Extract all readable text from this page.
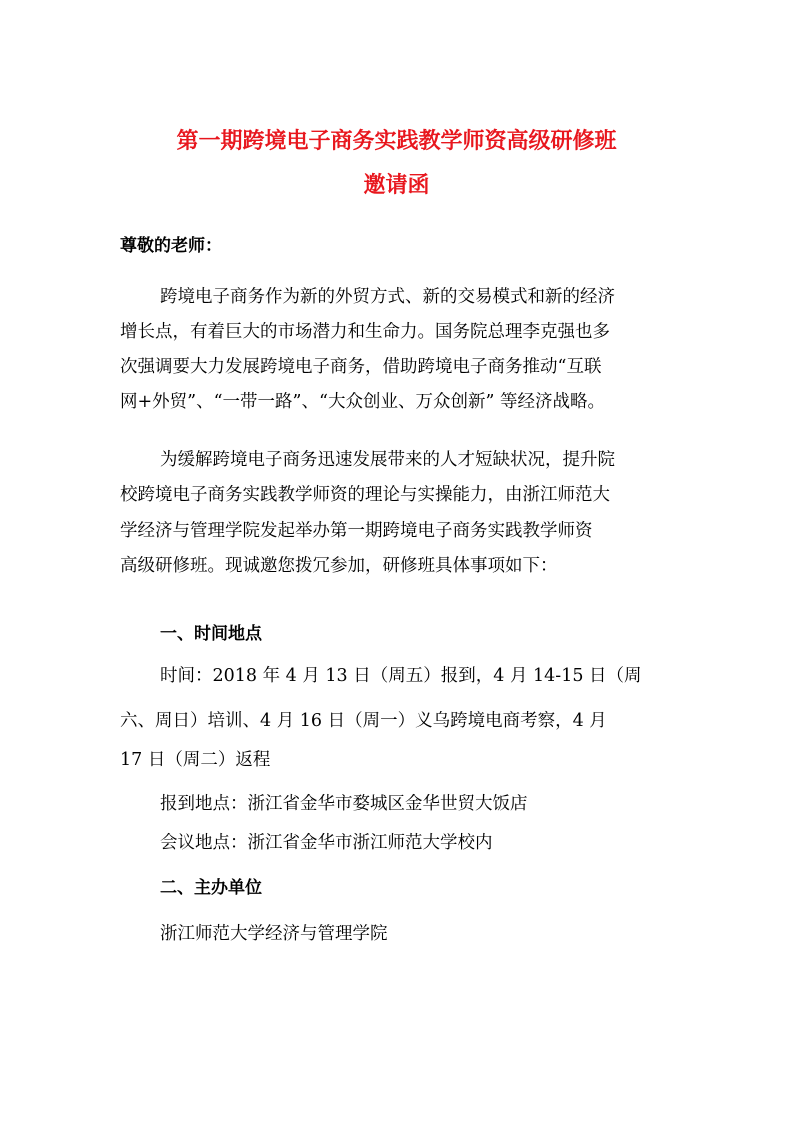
第一期跨境电子商务实践教学师资高级研修班
邀请函
尊敬的老师：
跨境电子商务作为新的外贸方式、新的交易模式和新的经济
增长点，有着巨大的市场潜力和生命力。国务院总理李克强也多
次强调要大力发展跨境电子商务，借助跨境电子商务推动“互联
网+外贸”、“一带一路”、“大众创业、万众创新” 等经济战略。
为缓解跨境电子商务迅速发展带来的人才短缺状况，提升院
校跨境电子商务实践教学师资的理论与实操能力，由浙江师范大
学经济与管理学院发起举办第一期跨境电子商务实践教学师资
高级研修班。现诚邀您拨冗参加，研修班具体事项如下：
一、时间地点
时间：2018 年 4 月 13 日（周五）报到，4 月 14-15 日（周
六、周日）培训、4 月 16 日（周一）义乌跨境电商考察，4 月
17 日（周二）返程
报到地点：浙江省金华市婺城区金华世贸大饭店
会议地点：浙江省金华市浙江师范大学校内
二、主办单位
浙江师范大学经济与管理学院
